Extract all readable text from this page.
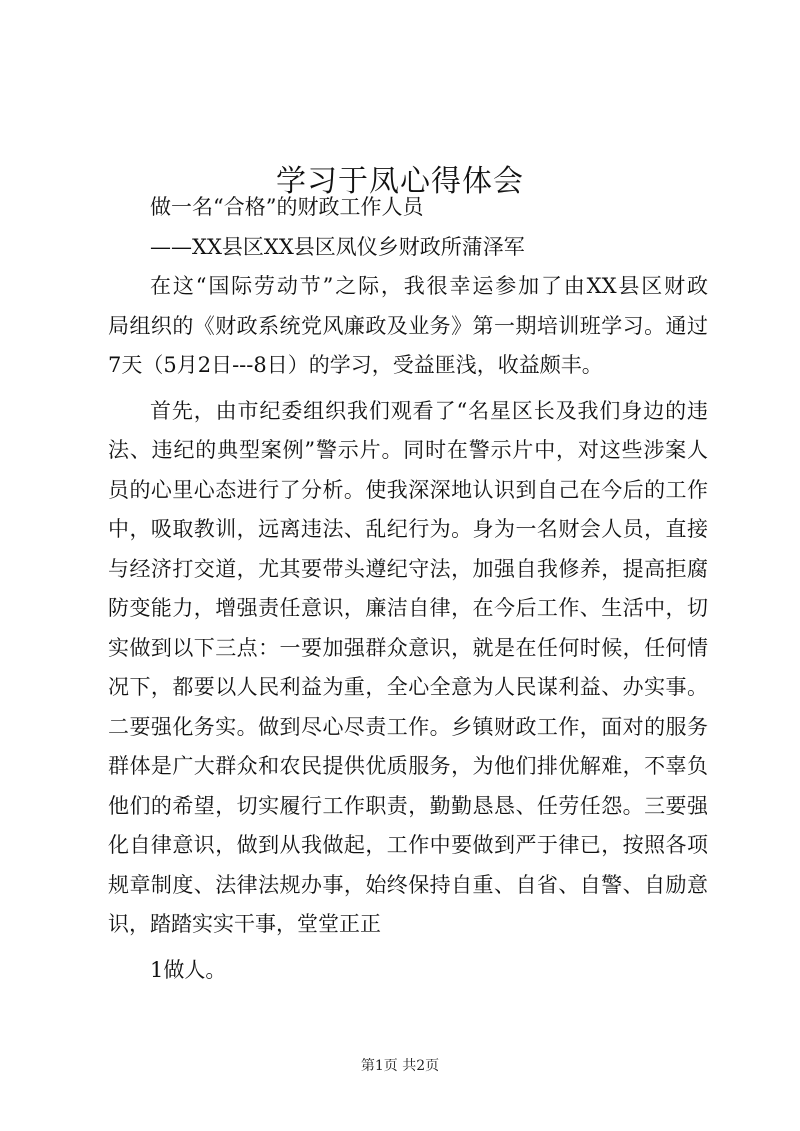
学习于凤心得体会
做一名“合格”的财政工作人员
——XX县区XX县区凤仪乡财政所蒲泽军
在这“国际劳动节”之际，我很幸运参加了由XX县区财政
局组织的《财政系统党风廉政及业务》第一期培训班学习。通过
7天（5月2日---8日）的学习，受益匪浅，收益颇丰。
首先，由市纪委组织我们观看了“名星区长及我们身边的违
法、违纪的典型案例”警示片。同时在警示片中，对这些涉案人
员的心里心态进行了分析。使我深深地认识到自己在今后的工作
中，吸取教训，远离违法、乱纪行为。身为一名财会人员，直接
与经济打交道，尤其要带头遵纪守法，加强自我修养，提高拒腐
防变能力，增强责任意识，廉洁自律，在今后工作、生活中，切
实做到以下三点：一要加强群众意识，就是在任何时候，任何情
况下，都要以人民利益为重，全心全意为人民谋利益、办实事。
二要强化务实。做到尽心尽责工作。乡镇财政工作，面对的服务
群体是广大群众和农民提供优质服务，为他们排优解难，不辜负
他们的希望，切实履行工作职责，勤勤恳恳、任劳任怨。三要强
化自律意识，做到从我做起，工作中要做到严于律已，按照各项
规章制度、法律法规办事，始终保持自重、自省、自警、自励意
识，踏踏实实干事，堂堂正正
1做人。
第1页 共2页
